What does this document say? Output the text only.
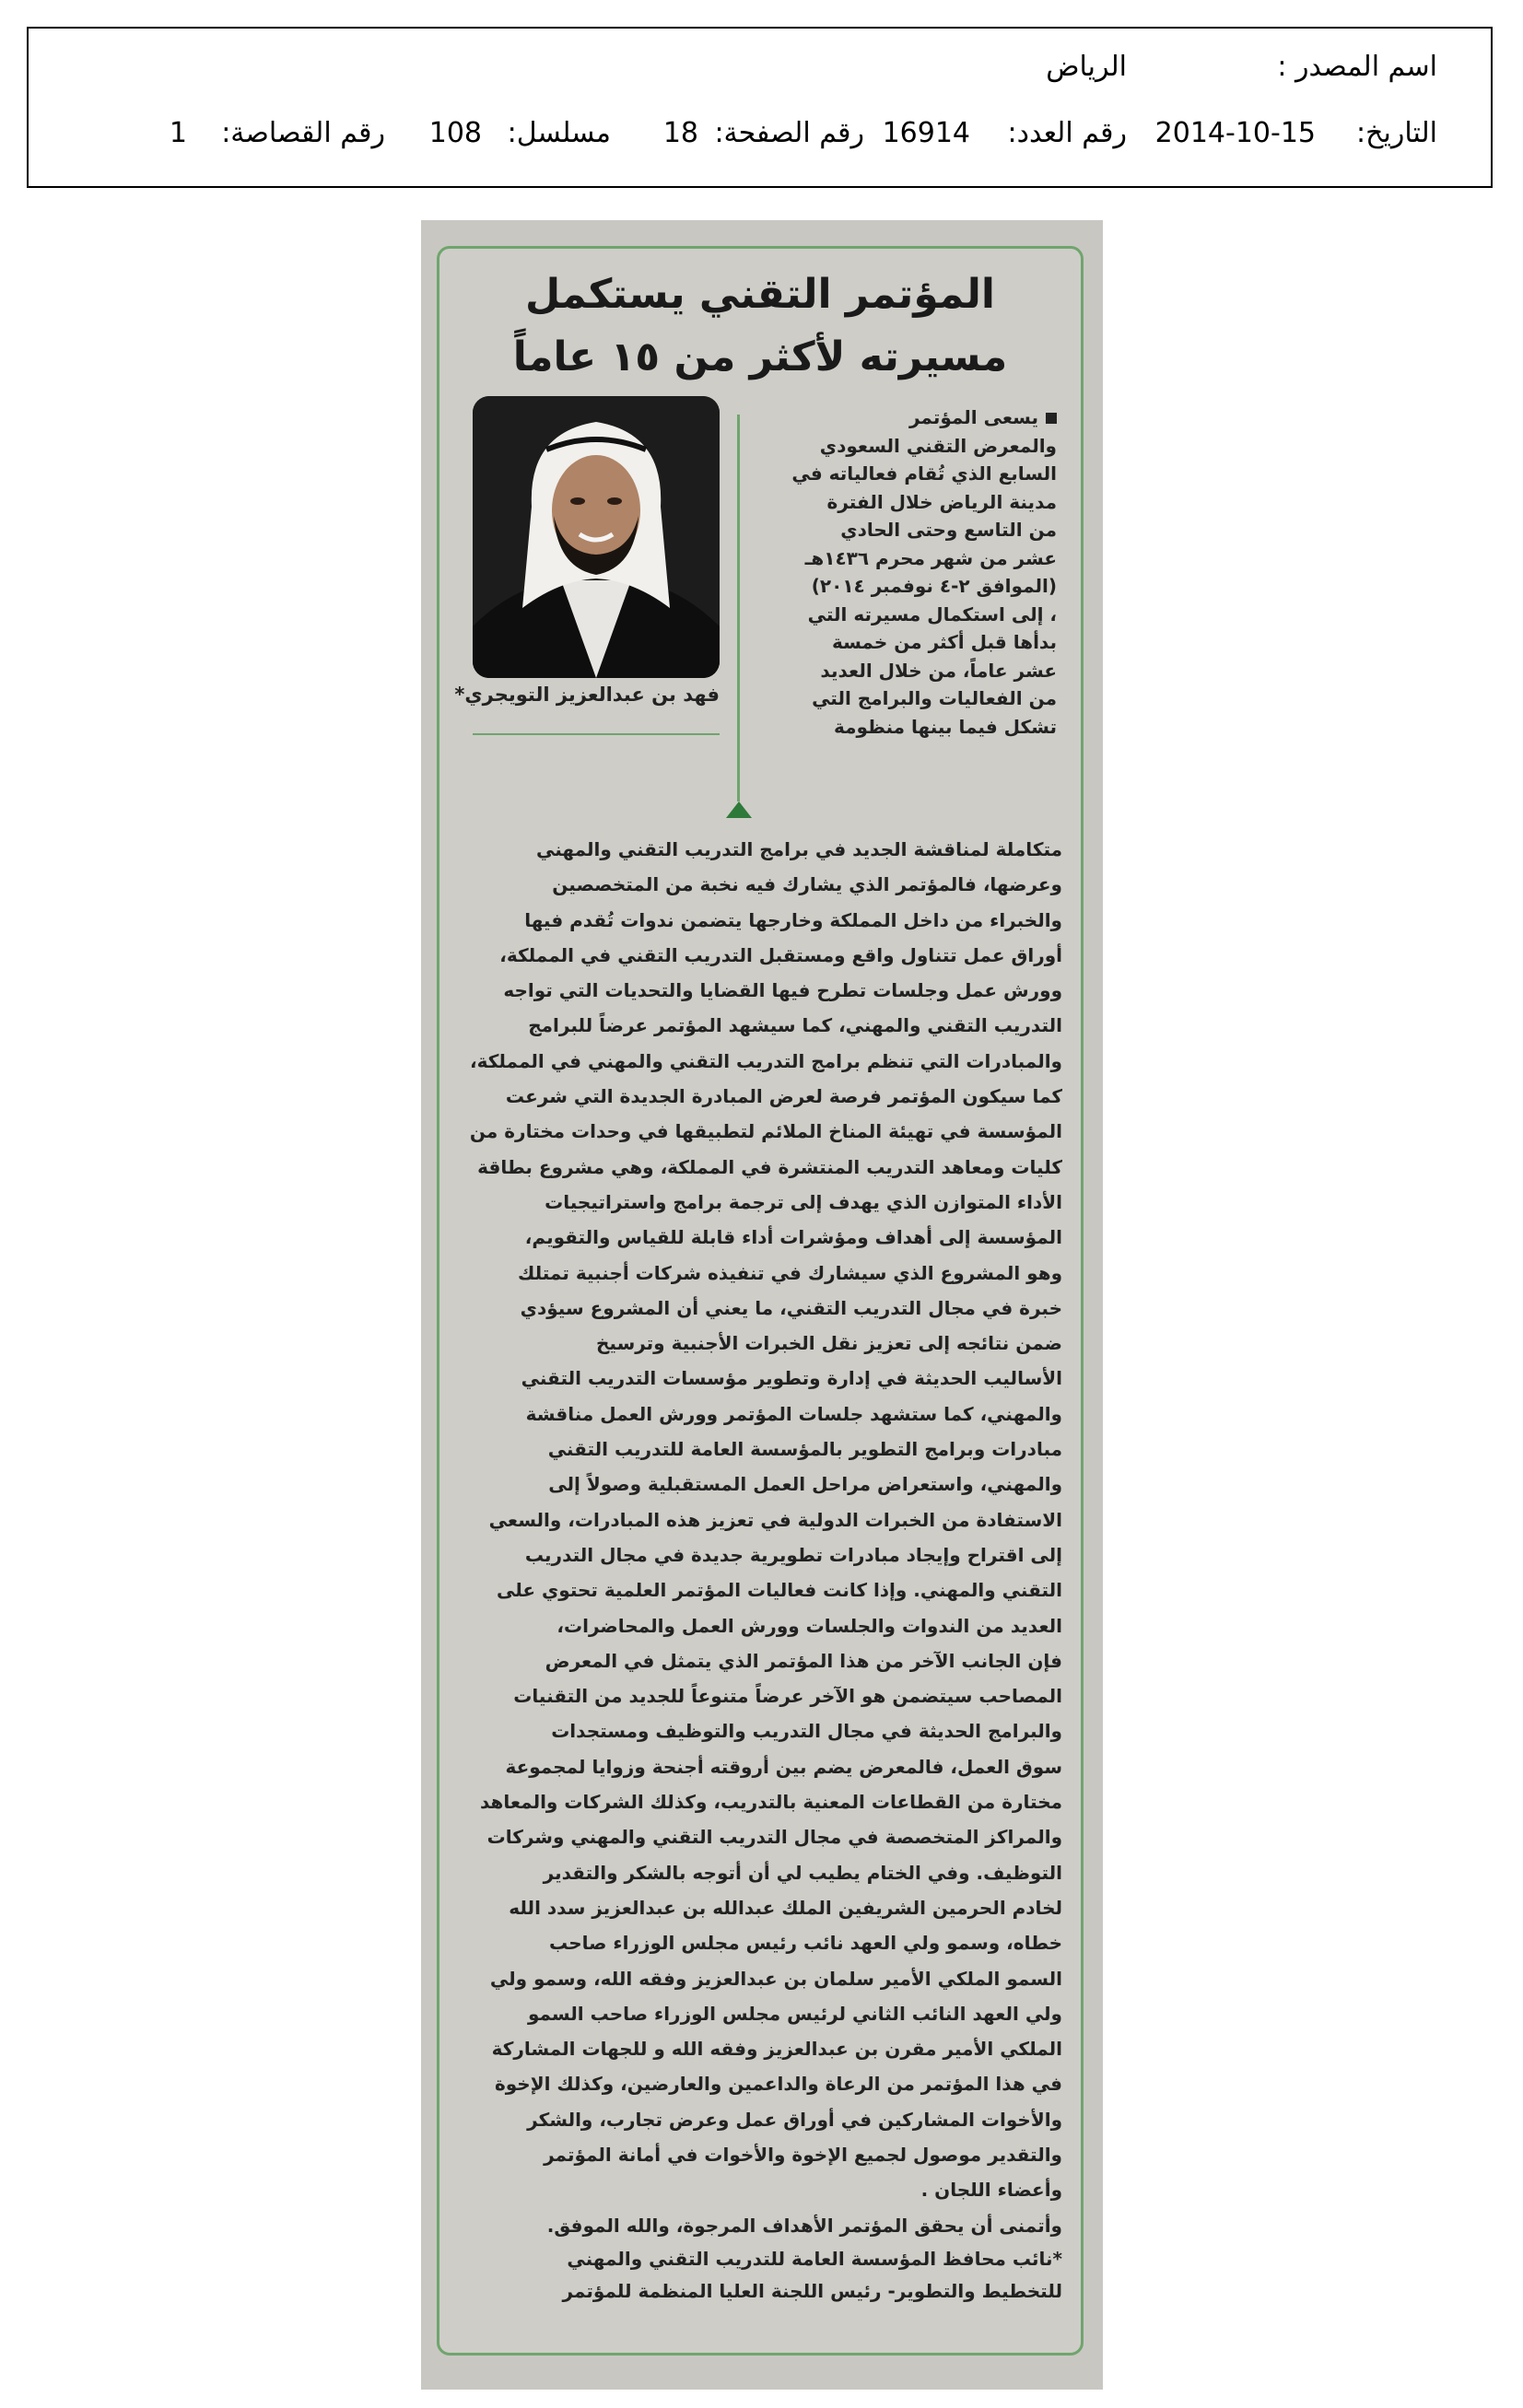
اسم المصدر :
الرياض
التاريخ:
2014-10-15
رقم العدد:
16914
رقم الصفحة:
18
مسلسل:
108
رقم القصاصة:
1
المؤتمر التقني يستكمل
مسيرته لأكثر من ١٥ عاماً
يسعى المؤتمر
والمعرض التقني السعودي
السابع الذي تُقام فعالياته في
مدينة الرياض خلال الفترة
من التاسع وحتى الحادي
عشر من شهر محرم ١٤٣٦هـ
(الموافق ٢-٤ نوفمبر ٢٠١٤)
، إلى استكمال مسيرته التي
بدأها قبل أكثر من خمسة
عشر عاماً، من خلال العديد
من الفعاليات والبرامج التي
تشكل فيما بينها منظومة
فهد بن عبدالعزيز التويجري*
متكاملة لمناقشة الجديد في برامج التدريب التقني والمهني
وعرضها، فالمؤتمر الذي يشارك فيه نخبة من المتخصصين
والخبراء من داخل المملكة وخارجها يتضمن ندوات تُقدم فيها
أوراق عمل تتناول واقع ومستقبل التدريب التقني في المملكة،
وورش عمل وجلسات تطرح فيها القضايا والتحديات التي تواجه
التدريب التقني والمهني، كما سيشهد المؤتمر عرضاً للبرامج
والمبادرات التي تنظم برامج التدريب التقني والمهني في المملكة،
كما سيكون المؤتمر فرصة لعرض المبادرة الجديدة التي شرعت
المؤسسة في تهيئة المناخ الملائم لتطبيقها في وحدات مختارة من
كليات ومعاهد التدريب المنتشرة في المملكة، وهي مشروع بطاقة
الأداء المتوازن الذي يهدف إلى ترجمة برامج واستراتيجيات
المؤسسة إلى أهداف ومؤشرات أداء قابلة للقياس والتقويم،
وهو المشروع الذي سيشارك في تنفيذه شركات أجنبية تمتلك
خبرة في مجال التدريب التقني، ما يعني أن المشروع سيؤدي
ضمن نتائجه إلى تعزيز نقل الخبرات الأجنبية وترسيخ
الأساليب الحديثة في إدارة وتطوير مؤسسات التدريب التقني
والمهني، كما ستشهد جلسات المؤتمر وورش العمل مناقشة
مبادرات وبرامج التطوير بالمؤسسة العامة للتدريب التقني
والمهني، واستعراض مراحل العمل المستقبلية وصولاً إلى
الاستفادة من الخبرات الدولية في تعزيز هذه المبادرات، والسعي
إلى اقتراح وإيجاد مبادرات تطويرية جديدة في مجال التدريب
التقني والمهني. وإذا كانت فعاليات المؤتمر العلمية تحتوي على
العديد من الندوات والجلسات وورش العمل والمحاضرات،
فإن الجانب الآخر من هذا المؤتمر الذي يتمثل في المعرض
المصاحب سيتضمن هو الآخر عرضاً متنوعاً للجديد من التقنيات
والبرامج الحديثة في مجال التدريب والتوظيف ومستجدات
سوق العمل، فالمعرض يضم بين أروقته أجنحة وزوايا لمجموعة
مختارة من القطاعات المعنية بالتدريب، وكذلك الشركات والمعاهد
والمراكز المتخصصة في مجال التدريب التقني والمهني وشركات
التوظيف. وفي الختام يطيب لي أن أتوجه بالشكر والتقدير
لخادم الحرمين الشريفين الملك عبدالله بن عبدالعزيز سدد الله
خطاه، وسمو ولي العهد نائب رئيس مجلس الوزراء صاحب
السمو الملكي الأمير سلمان بن عبدالعزيز وفقه الله، وسمو ولي
ولي العهد النائب الثاني لرئيس مجلس الوزراء صاحب السمو
الملكي الأمير مقرن بن عبدالعزيز وفقه الله و للجهات المشاركة
في هذا المؤتمر من الرعاة والداعمين والعارضين، وكذلك الإخوة
والأخوات المشاركين في أوراق عمل وعرض تجارب، والشكر
والتقدير موصول لجميع الإخوة والأخوات في أمانة المؤتمر
وأعضاء اللجان .
وأتمنى أن يحقق المؤتمر الأهداف المرجوة، والله الموفق.
*نائب محافظ المؤسسة العامة للتدريب التقني والمهني
للتخطيط والتطوير- رئيس اللجنة العليا المنظمة للمؤتمر
